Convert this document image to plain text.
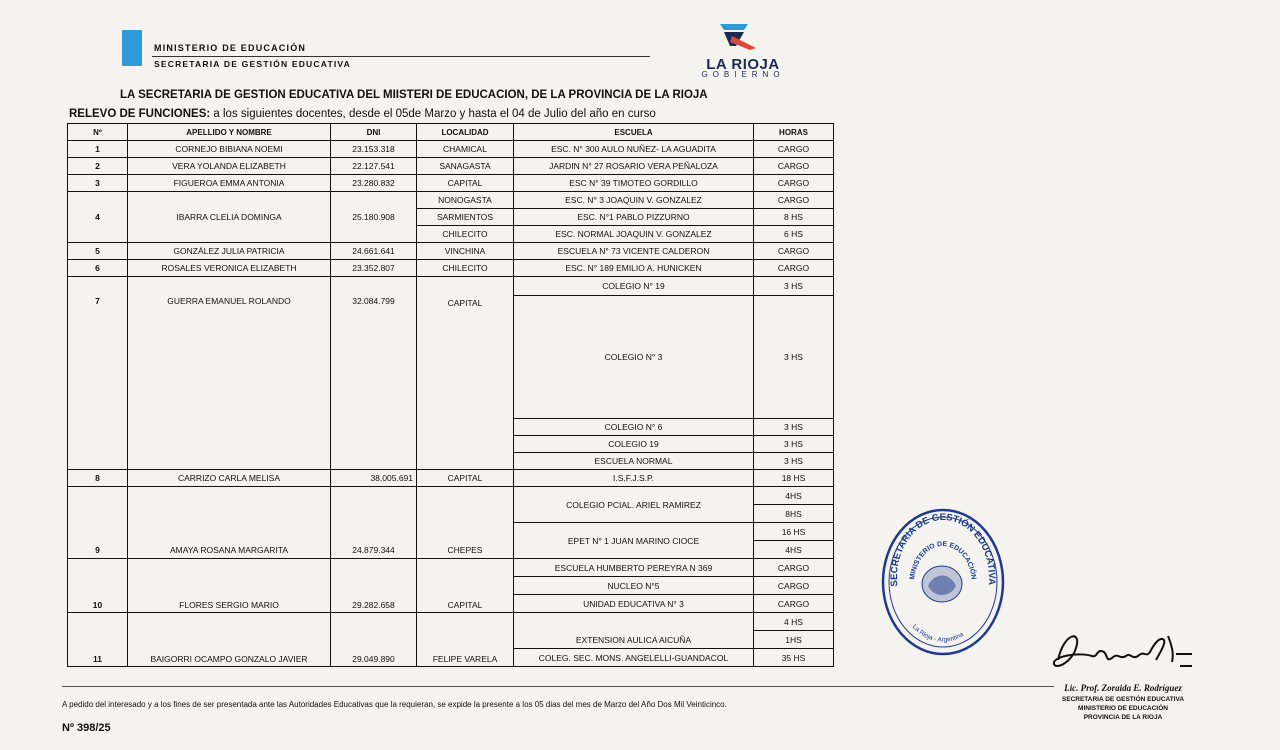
MINISTERIO DE EDUCACIÓN
SECRETARIA DE GESTIÓN EDUCATIVA	LA RIOJA
GOBIERNO
LA SECRETARIA DE GESTION EDUCATIVA DEL MIISTERI DE EDUCACION, DE LA PROVINCIA DE LA RIOJA
RELEVO DE FUNCIONES: a los siguientes docentes, desde el 05de Marzo y hasta el 04 de Julio del año en curso
Nº	APELLIDO Y NOMBRE	DNI	LOCALIDAD	ESCUELA	HORAS
1	CORNEJO BIBIANA NOEMI	23.153.318	CHAMICAL	ESC. N° 300 AULO NUÑEZ- LA AGUADITA	CARGO
2	VERA YOLANDA ELIZABETH	22.127.541	SANAGASTA	JARDIN N° 27 ROSARIO VERA PEÑALOZA	CARGO
3	FIGUEROA EMMA ANTONIA	23.280.832	CAPITAL	ESC N° 39 TIMOTEO GORDILLO	CARGO
4	IBARRA CLELIA DOMINGA	25.180.908	NONOGASTA	ESC. N° 3 JOAQUIN V. GONZALEZ	CARGO
			SARMIENTOS	ESC. N°1 PABLO PIZZURNO	8 HS
			CHILECITO	ESC. NORMAL JOAQUIN V. GONZALEZ	6 HS
5	GONZÁLEZ JULIA PATRICIA	24.661.641	VINCHINA	ESCUELA N° 73 VICENTE CALDERON	CARGO
6	ROSALES VERONICA ELIZABETH	23.352.807	CHILECITO	ESC. N° 189 EMILIO A. HUNICKEN	CARGO
7	GUERRA EMANUEL ROLANDO	32.084.799	CAPITAL	COLEGIO N° 19	3 HS
				COLEGIO N° 3	3 HS
				COLEGIO N° 6	3 HS
				COLEGIO 19	3 HS
				ESCUELA NORMAL	3 HS
8	CARRIZO CARLA MELISA	38.005.691	CAPITAL	I.S.F.J.S.P.	18 HS
9	AMAYA ROSANA MARGARITA	24.879.344	CHEPES	COLEGIO PCIAL. ARIEL RAMIREZ	4HS
					8HS
				EPET N° 1 JUAN MARINO CIOCE	16 HS
					4HS
10	FLORES SERGIO MARIO	29.282.658	CAPITAL	ESCUELA HUMBERTO PEREYRA N 369	CARGO
				NUCLEO N°5	CARGO
				UNIDAD EDUCATIVA N° 3	CARGO
11	BAIGORRI OCAMPO GONZALO JAVIER	29.049.890	FELIPE VARELA	EXTENSION AULICA AICUÑA	4 HS
					1HS
				COLEG. SEC. MONS. ANGELELLI-GUANDACOL	35 HS
A pedido del interesado y a los fines de ser presentada ante las Autoridades Educativas que la requieran, se expide la presente a los 05 dias del mes de Marzo del Año Dos Mil Veinticinco.
Nº 398/25
SECRETARIA DE GESTIÓN EDUCATIVA
MINISTERIO DE EDUCACIÓN
La Rioja - Argentina
Lic. Prof. Zoraida E. Rodríguez
SECRETARIA DE GESTIÓN EDUCATIVA
MINISTERIO DE EDUCACIÓN
PROVINCIA DE LA RIOJA
